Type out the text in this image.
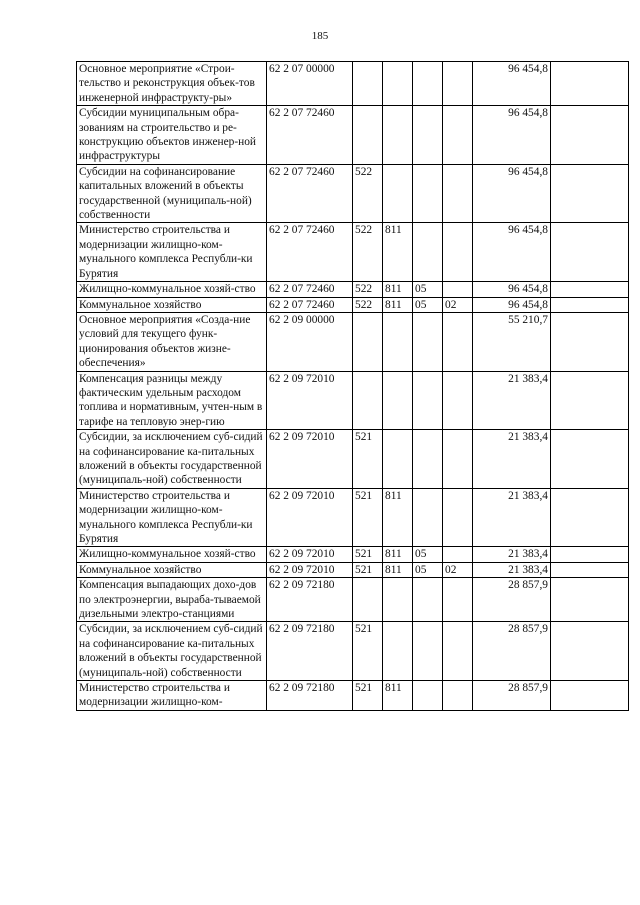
185
Основное мероприятие «Строи-тельство и реконструкция объек-тов инженерной инфраструкту-ры»	62 2 07 00000					96 454,8	
Субсидии муниципальным обра-зованиям на строительство и ре-конструкцию объектов инженер-ной инфраструктуры	62 2 07 72460					96 454,8	
Субсидии на софинансирование капитальных вложений в объекты государственной (муниципаль-ной) собственности	62 2 07 72460	522				96 454,8	
Министерство строительства и модернизации жилищно-ком-мунального комплекса Республи-ки Бурятия	62 2 07 72460	522	811			96 454,8	
Жилищно-коммунальное хозяй-ство	62 2 07 72460	522	811	05		96 454,8	
Коммунальное хозяйство	62 2 07 72460	522	811	05	02	96 454,8	
Основное мероприятия «Созда-ние условий для текущего функ-ционирования объектов жизне-обеспечения»	62 2 09 00000					55 210,7	
Компенсация разницы между фактическим удельным расходом топлива и нормативным, учтен-ным в тарифе на тепловую энер-гию	62 2 09 72010					21 383,4	
Субсидии, за исключением суб-сидий на софинансирование ка-питальных вложений в объекты государственной (муниципаль-ной) собственности	62 2 09 72010	521				21 383,4	
Министерство строительства и модернизации жилищно-ком-мунального комплекса Республи-ки Бурятия	62 2 09 72010	521	811			21 383,4	
Жилищно-коммунальное хозяй-ство	62 2 09 72010	521	811	05		21 383,4	
Коммунальное хозяйство	62 2 09 72010	521	811	05	02	21 383,4	
Компенсация выпадающих дохо-дов по электроэнергии, выраба-тываемой дизельными электро-станциями	62 2 09 72180					28 857,9	
Субсидии, за исключением суб-сидий на софинансирование ка-питальных вложений в объекты государственной (муниципаль-ной) собственности	62 2 09 72180	521				28 857,9	
Министерство строительства и модернизации жилищно-ком-	62 2 09 72180	521	811			28 857,9	
